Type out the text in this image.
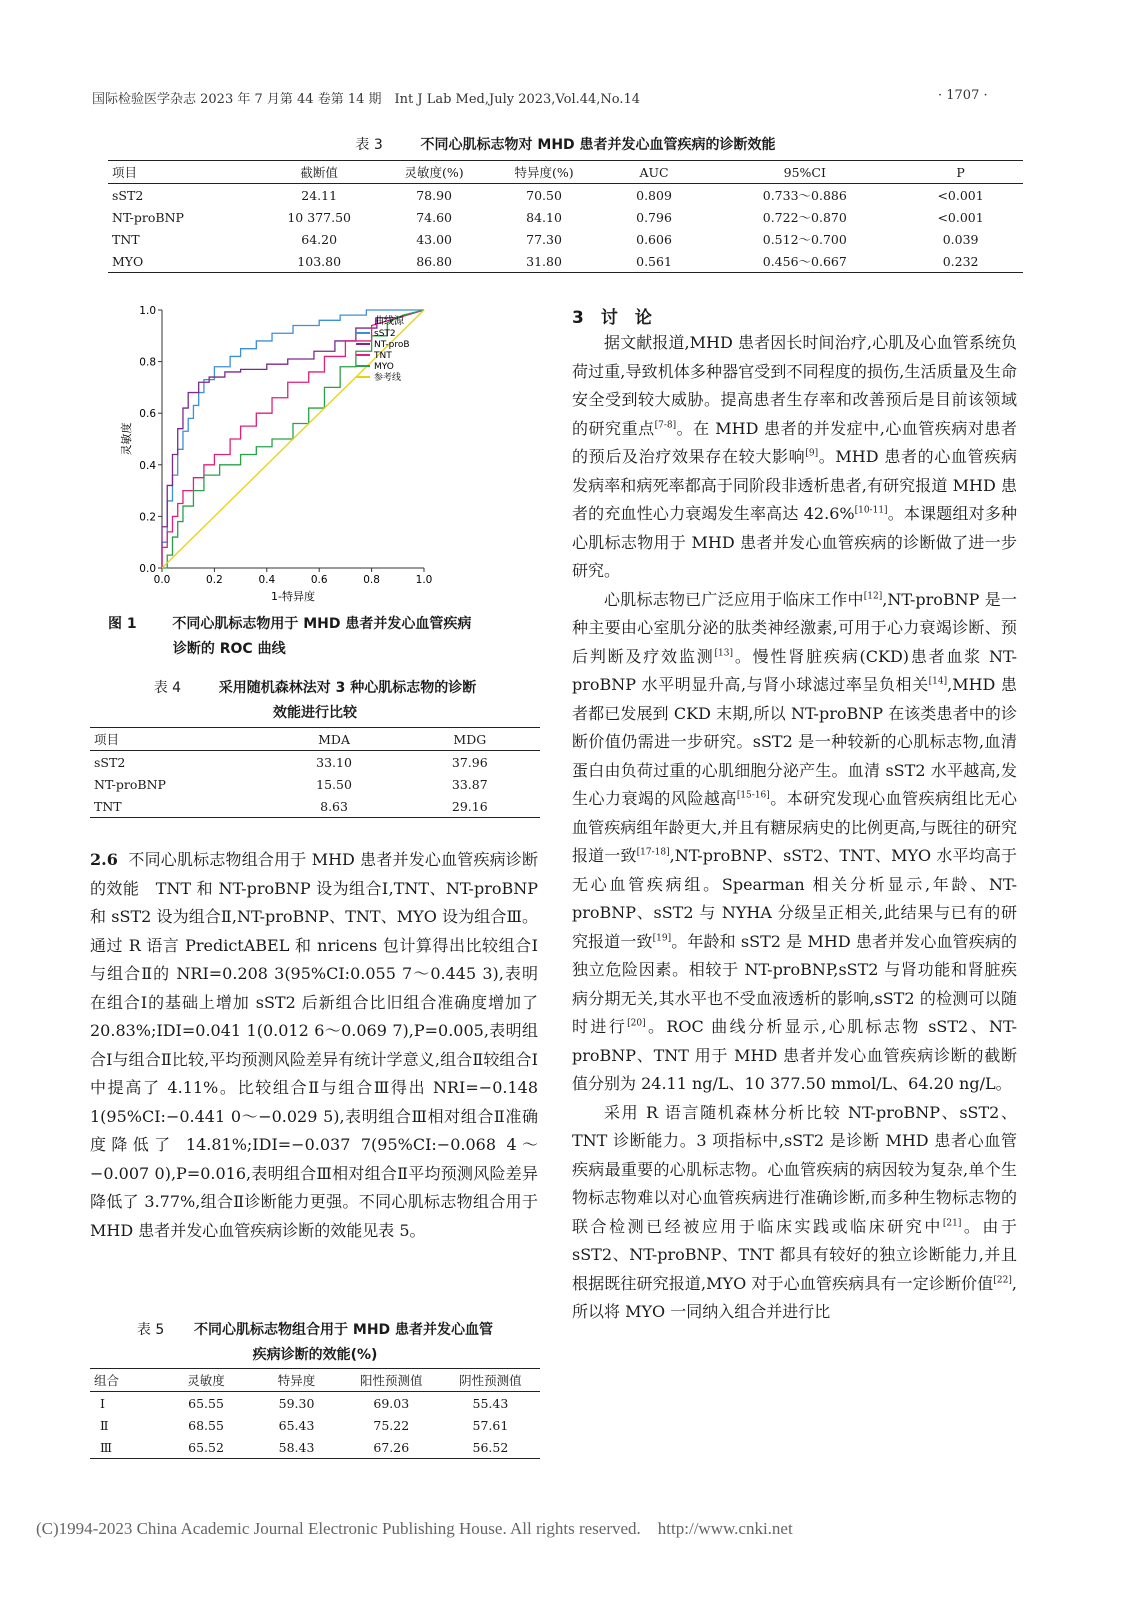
国际检验医学杂志 2023 年 7 月第 44 卷第 14 期　Int J Lab Med,July 2023,Vol.44,No.14	· 1707 ·
表 3	不同心肌标志物对 MHD 患者并发心血管疾病的诊断效能
项目	截断值	灵敏度(%)	特异度(%)	AUC	95%CI	P
sST2	24.11	78.90	70.50	0.809	0.733～0.886	<0.001
NT-proBNP	10 377.50	74.60	84.10	0.796	0.722～0.870	<0.001
TNT	64.20	43.00	77.30	0.606	0.512～0.700	0.039
MYO	103.80	86.80	31.80	0.561	0.456～0.667	0.232
0.0	0.2	0.4	0.6	0.8	1.0
0.0
0.2
0.4
0.6
0.8
1.0
曲线源
sST2
NT-proB
TNT
MYO
参考线
1-特异度
灵敏度
图 1	不同心肌标志物用于 MHD 患者并发心血管疾病
诊断的 ROC 曲线
表 4	采用随机森林法对 3 种心肌标志物的诊断
效能进行比较
项目	MDA	MDG
sST2	33.10	37.96
NT-proBNP	15.50	33.87
TNT	8.63	29.16

2.6 不同心肌标志物组合用于 MHD 患者并发心血管疾病诊断的效能　TNT 和 NT-proBNP 设为组合Ⅰ,TNT、NT-proBNP 和 sST2 设为组合Ⅱ,NT-proBNP、TNT、MYO 设为组合Ⅲ。通过 R 语言 PredictABEL 和 nricens 包计算得出比较组合Ⅰ与组合Ⅱ的 NRI=0.208 3(95%CI:0.055 7～0.445 3),表明在组合Ⅰ的基础上增加 sST2 后新组合比旧组合准确度增加了 20.83%;IDI=0.041 1(0.012 6～0.069 7),P=0.005,表明组合Ⅰ与组合Ⅱ比较,平均预测风险差异有统计学意义,组合Ⅱ较组合Ⅰ中提高了 4.11%。比较组合Ⅱ与组合Ⅲ得出 NRI=−0.148 1(95%CI:−0.441 0～−0.029 5),表明组合Ⅲ相对组合Ⅱ准确度降低了 14.81%;IDI=−0.037 7(95%CI:−0.068 4～−0.007 0),P=0.016,表明组合Ⅲ相对组合Ⅱ平均预测风险差异降低了 3.77%,组合Ⅱ诊断能力更强。不同心肌标志物组合用于 MHD 患者并发心血管疾病诊断的效能见表 5。

表 5 不同心肌标志物组合用于 MHD 患者并发心血管
疾病诊断的效能(%)
组合	灵敏度	特异度	阳性预测值	阴性预测值
Ⅰ	65.55	59.30	69.03	55.43
Ⅱ	68.55	65.43	75.22	57.61
Ⅲ	65.52	58.43	67.26	56.52
3　讨　论

据文献报道,MHD 患者因长时间治疗,心肌及心血管系统负荷过重,导致机体多种器官受到不同程度的损伤,生活质量及生命安全受到较大威胁。提高患者生存率和改善预后是目前该领域的研究重点[7-8]。在 MHD 患者的并发症中,心血管疾病对患者的预后及治疗效果存在较大影响[9]。MHD 患者的心血管疾病发病率和病死率都高于同阶段非透析患者,有研究报道 MHD 患者的充血性心力衰竭发生率高达 42.6%[10-11]。本课题组对多种心肌标志物用于 MHD 患者并发心血管疾病的诊断做了进一步研究。

心肌标志物已广泛应用于临床工作中[12],NT-proBNP 是一种主要由心室肌分泌的肽类神经激素,可用于心力衰竭诊断、预后判断及疗效监测[13]。慢性肾脏疾病(CKD)患者血浆 NT-proBNP 水平明显升高,与肾小球滤过率呈负相关[14],MHD 患者都已发展到 CKD 末期,所以 NT-proBNP 在该类患者中的诊断价值仍需进一步研究。sST2 是一种较新的心肌标志物,血清蛋白由负荷过重的心肌细胞分泌产生。血清 sST2 水平越高,发生心力衰竭的风险越高[15-16]。本研究发现心血管疾病组比无心血管疾病组年龄更大,并且有糖尿病史的比例更高,与既往的研究报道一致[17-18],NT-proBNP、sST2、TNT、MYO 水平均高于无心血管疾病组。Spearman 相关分析显示,年龄、NT-proBNP、sST2 与 NYHA 分级呈正相关,此结果与已有的研究报道一致[19]。年龄和 sST2 是 MHD 患者并发心血管疾病的独立危险因素。相较于 NT-proBNP,sST2 与肾功能和肾脏疾病分期无关,其水平也不受血液透析的影响,sST2 的检测可以随时进行[20]。ROC 曲线分析显示,心肌标志物 sST2、NT-proBNP、TNT 用于 MHD 患者并发心血管疾病诊断的截断值分别为 24.11 ng/L、10 377.50 mmol/L、64.20 ng/L。

采用 R 语言随机森林分析比较 NT-proBNP、sST2、TNT 诊断能力。3 项指标中,sST2 是诊断 MHD 患者心血管疾病最重要的心肌标志物。心血管疾病的病因较为复杂,单个生物标志物难以对心血管疾病进行准确诊断,而多种生物标志物的联合检测已经被应用于临床实践或临床研究中[21]。由于 sST2、NT-proBNP、TNT 都具有较好的独立诊断能力,并且根据既往研究报道,MYO 对于心血管疾病具有一定诊断价值[22],所以将 MYO 一同纳入组合并进行比

(C)1994-2023 China Academic Journal Electronic Publishing House. All rights reserved.　http://www.cnki.net
